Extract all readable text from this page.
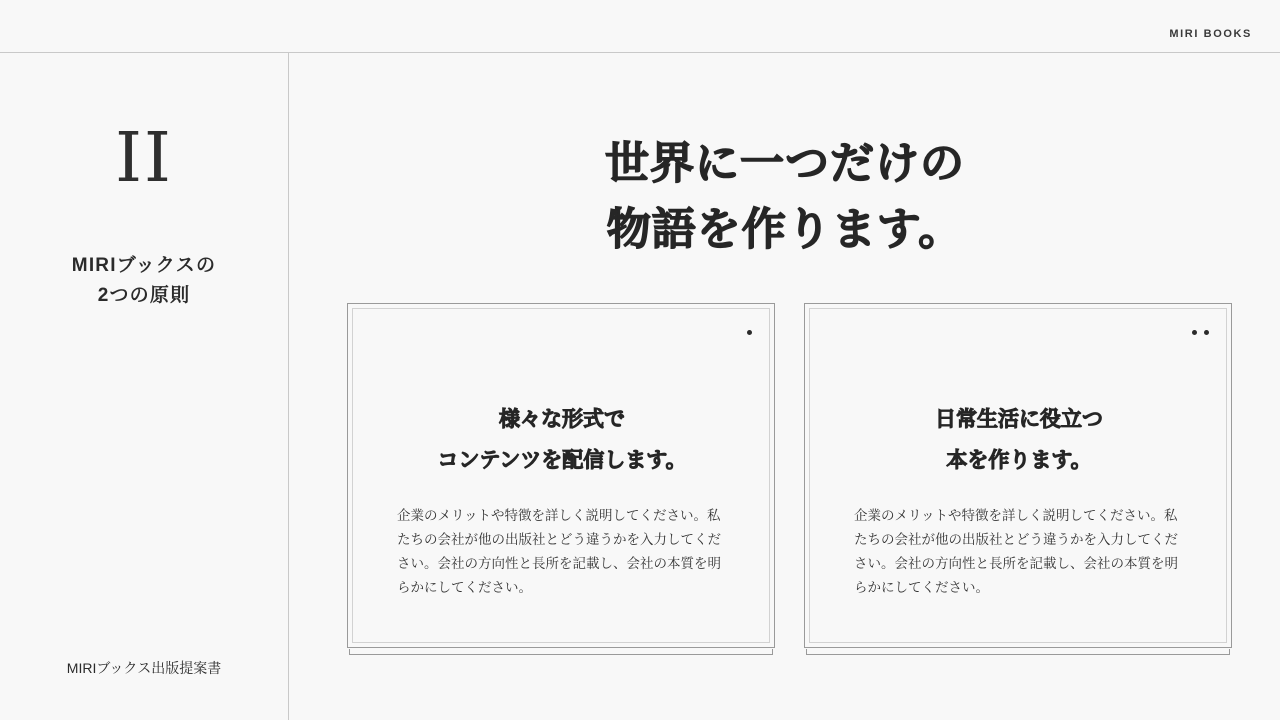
MIRI BOOKS
II
MIRIブックスの
2つの原則
MIRIブックス出版提案書
世界に一つだけの
物語を作ります。
様々な形式で
コンテンツを配信します。
企業のメリットや特徴を詳しく説明してください。私たちの会社が他の出版社とどう違うかを入力してください。会社の方向性と長所を記載し、会社の本質を明らかにしてください。
日常生活に役立つ
本を作ります。
企業のメリットや特徴を詳しく説明してください。私たちの会社が他の出版社とどう違うかを入力してください。会社の方向性と長所を記載し、会社の本質を明らかにしてください。
